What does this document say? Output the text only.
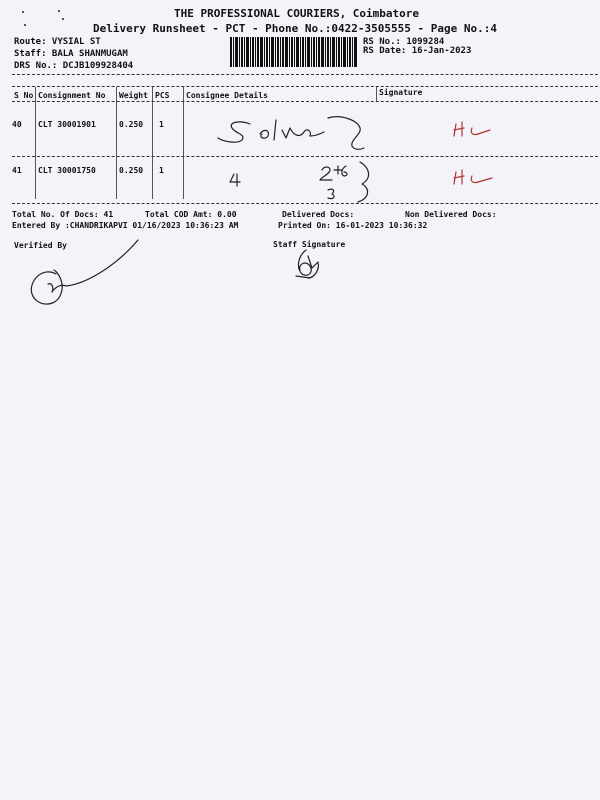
THE PROFESSIONAL COURIERS, Coimbatore
Delivery Runsheet - PCT - Phone No.:0422-3505555 - Page No.:4
Route: VYSIAL ST
Staff: BALA SHANMUGAM
DRS No.: DCJB109928404
RS No.: 1099284
RS Date: 16-Jan-2023
S No Consignment No Weight PCS Consignee Details	Signature
40 CLT 30001901	0.250 1
41 CLT 30001750	0.250 1
Total No. Of Docs: 41	Total COD Amt: 0.00	Delivered Docs:	Non Delivered Docs:
Entered By :CHANDRIKAPVI 01/16/2023 10:36:23 AM	Printed On: 16-01-2023 10:36:32
Verified By	Staff Signature
